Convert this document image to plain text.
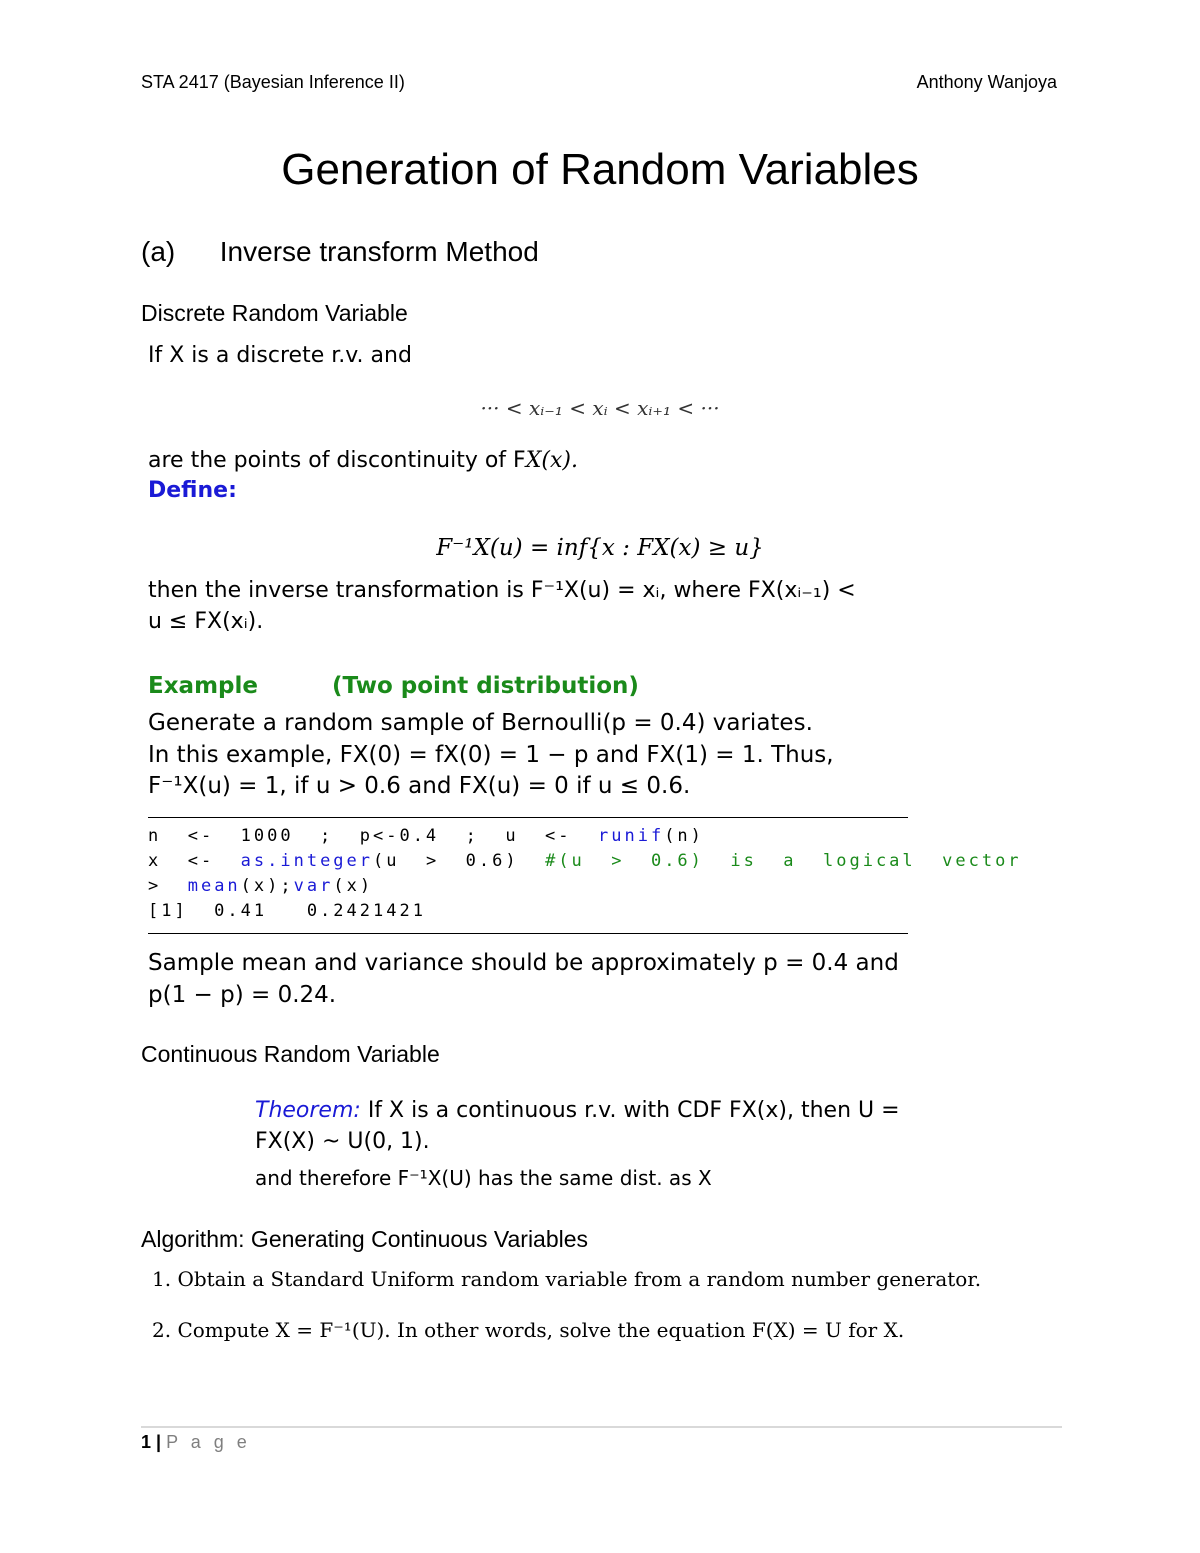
STA 2417 (Bayesian Inference II)	Anthony Wanjoya
Generation of Random Variables
(a) Inverse transform Method
Discrete Random Variable
If X is a discrete r.v. and
··· < xᵢ₋₁ < xᵢ < xᵢ₊₁ < ···
are the points of discontinuity of FX(x).
Define:
F⁻¹X(u) = inf{x : FX(x) ≥ u}
then the inverse transformation is F⁻¹X(u) = xᵢ, where FX(xᵢ₋₁) <
u ≤ FX(xᵢ).
Example	(Two point distribution)
Generate a random sample of Bernoulli(p = 0.4) variates.
In this example, FX(0) = fX(0) = 1 − p and FX(1) = 1. Thus,
F⁻¹X(u) = 1, if u > 0.6 and FX(u) = 0 if u ≤ 0.6.
n  <-  1000  ;  p<-0.4  ;  u  <-  runif(n)
x  <-  as.integer(u  >  0.6)  #(u  >  0.6)  is  a  logical  vector
>  mean(x);var(x)
[1]  0.41   0.2421421
Sample mean and variance should be approximately p = 0.4 and
p(1 − p) = 0.24.
Continuous Random Variable
Theorem: If X is a continuous r.v. with CDF FX(x), then U =
FX(X) ~ U(0, 1).
and therefore F⁻¹X(U) has the same dist. as X
Algorithm: Generating Continuous Variables
1. Obtain a Standard Uniform random variable from a random number generator.
2. Compute X = F⁻¹(U). In other words, solve the equation F(X) = U for X.
1 | P a g e
